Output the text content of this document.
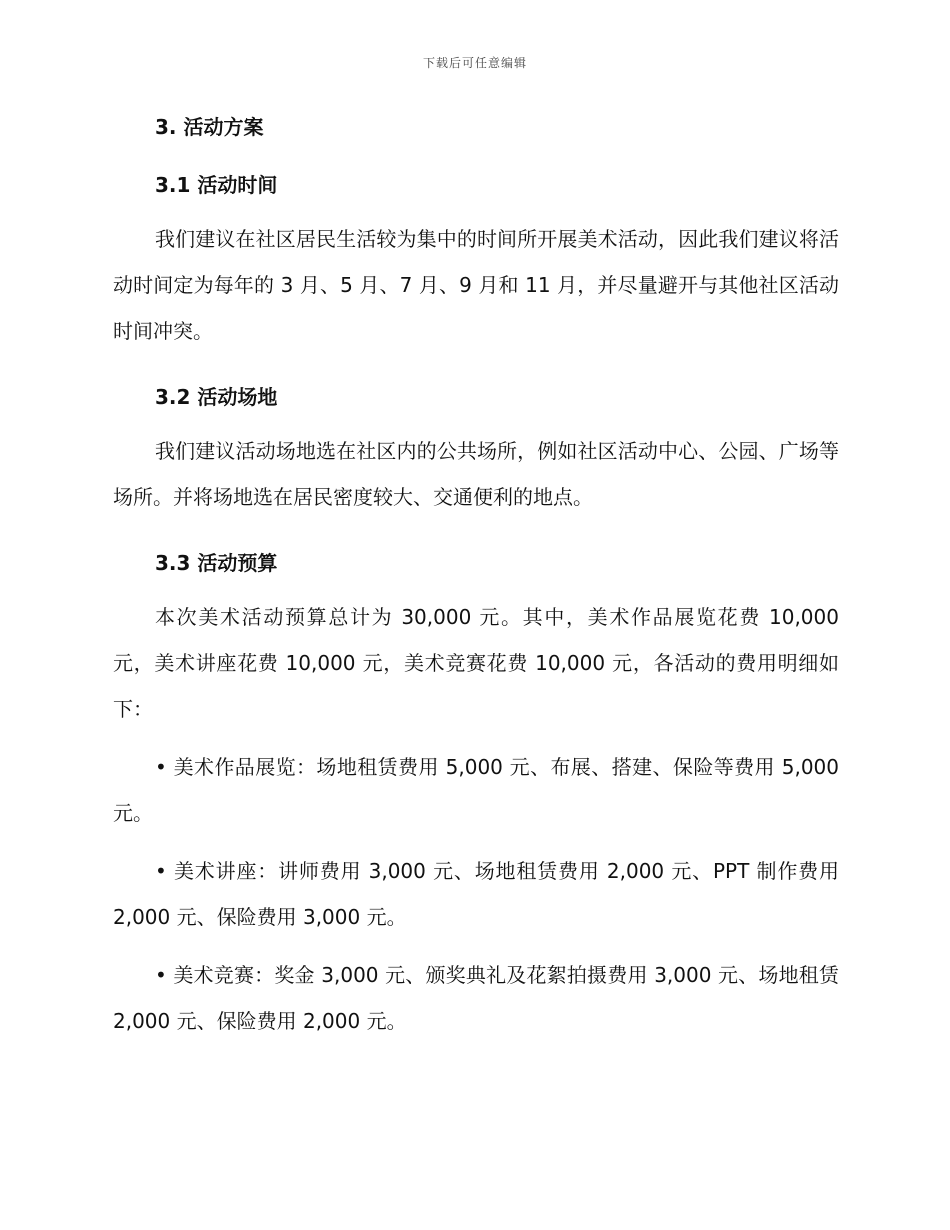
下载后可任意编辑
3. 活动方案
3.1 活动时间

我们建议在社区居民生活较为集中的时间所开展美术活动，因此我们建议将活动时间定为每年的 3 月、5 月、7 月、9 月和 11 月，并尽量避开与其他社区活动时间冲突。

3.2 活动场地

我们建议活动场地选在社区内的公共场所，例如社区活动中心、公园、广场等场所。并将场地选在居民密度较大、交通便利的地点。

3.3 活动预算

本次美术活动预算总计为 30,000 元。其中，美术作品展览花费 10,000 元，美术讲座花费 10,000 元，美术竞赛花费 10,000 元，各活动的费用明细如下：

• 美术作品展览：场地租赁费用 5,000 元、布展、搭建、保险等费用 5,000 元。

• 美术讲座：讲师费用 3,000 元、场地租赁费用 2,000 元、PPT 制作费用 2,000 元、保险费用 3,000 元。

• 美术竞赛：奖金 3,000 元、颁奖典礼及花絮拍摄费用 3,000 元、场地租赁 2,000 元、保险费用 2,000 元。
